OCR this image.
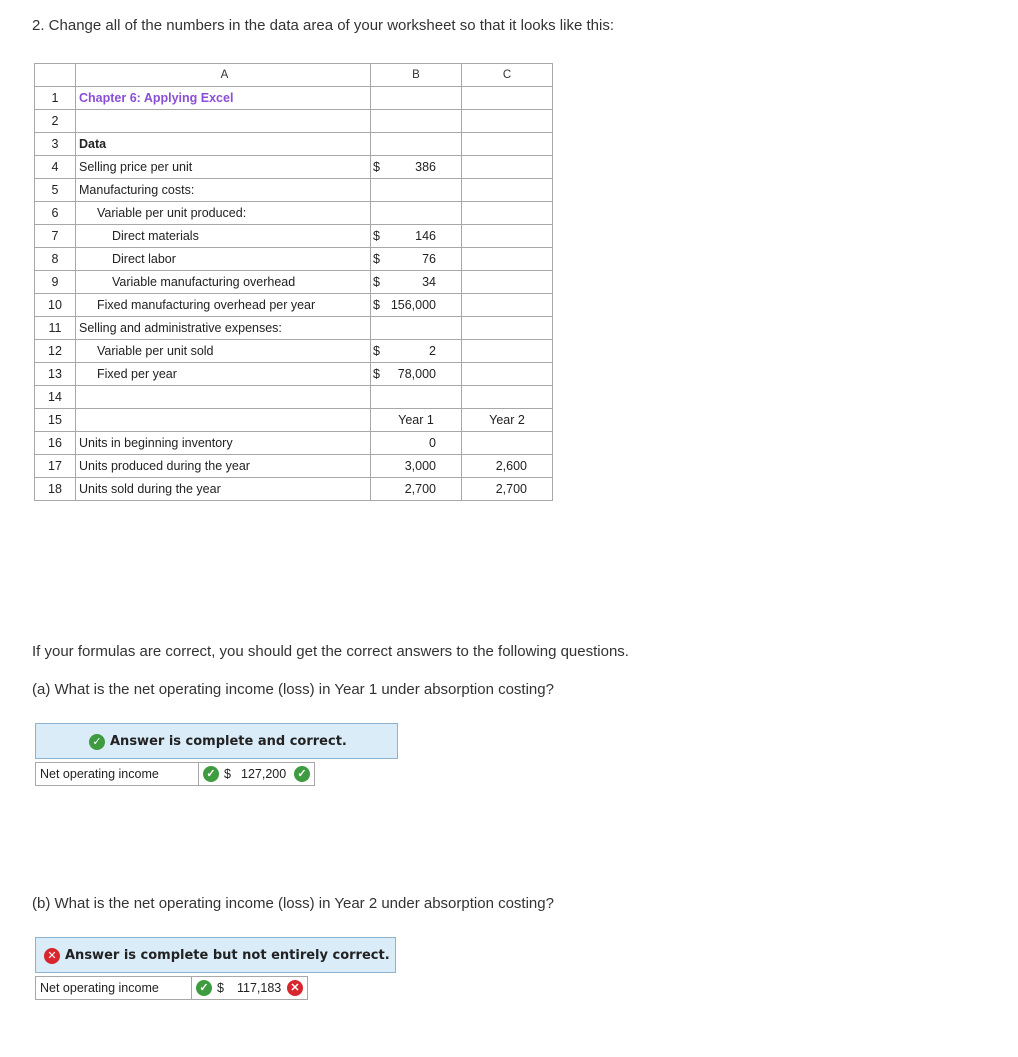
2. Change all of the numbers in the data area of your worksheet so that it looks like this:
	A	B	C
1	Chapter 6: Applying Excel		
2			
3	Data		
4	Selling price per unit	$ 386	

5	Manufacturing costs:		
6	Variable per unit produced:		
7	Direct materials	$ 146	

8	Direct labor	$ 76	

9	Variable manufacturing overhead	$ 34	

10	Fixed manufacturing overhead per year	$ 156,000	

11	Selling and administrative expenses:		
12	Variable per unit sold	$ 2	

13	Fixed per year	$ 78,000	

14			
15		Year 1	Year 2
16	Units in beginning inventory	0	

17	Units produced during the year	3,000	2,600

18	Units sold during the year	2,700	2,700
If your formulas are correct, you should get the correct answers to the following questions.
(a) What is the net operating income (loss) in Year 1 under absorption costing?
✓ Answer is complete and correct.
Net operating income	✓ $ 127,200	✓
(b) What is the net operating income (loss) in Year 2 under absorption costing?
✕ Answer is complete but not entirely correct.
Net operating income	✓ $ 117,183 ✕
